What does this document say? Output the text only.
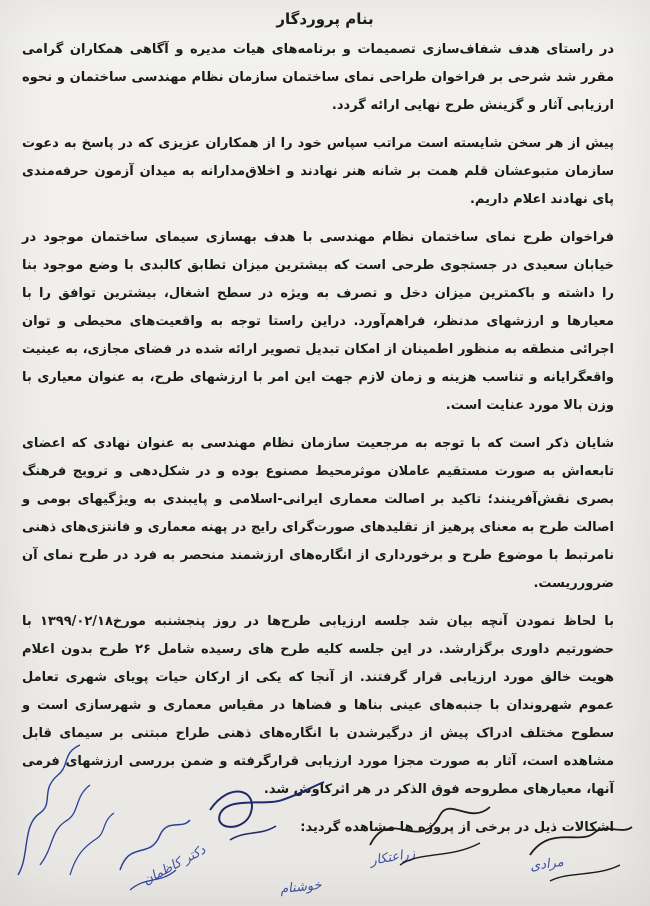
بنام پروردگار

در راستای هدف شفاف‌سازی تصمیمات و برنامه‌های هیات مدیره و آگاهی همکاران گرامی مقرر شد شرحی بر فراخوان طراحی نمای ساختمان سازمان نظام مهندسی ساختمان و نحوه ارزیابی آثار و گزینش طرح نهایی ارائه گردد.

پیش از هر سخن شایسته است مراتب سپاس خود را از همکاران عزیزی که در پاسخ به دعوت سازمان متبوعشان قلم همت بر شانه هنر نهادند و اخلاق‌مدارانه به میدان آزمون حرفه‌مندی پای نهادند اعلام داریم.

فراخوان طرح نمای ساختمان نظام مهندسی با هدف بهسازی سیمای ساختمان موجود در خیابان سعیدی در جستجوی طرحی است که بیشترین میزان تطابق کالبدی با وضع موجود بنا را داشته و باکمترین میزان دخل و تصرف به ویژه در سطح اشغال، بیشترین توافق را با معیارها و ارزشهای مدنظر، فراهم‌آورد. دراین راستا توجه به واقعیت‌های محیطی و توان اجرائی منطقه به منظور اطمینان از امکان تبدیل تصویر ارائه شده در فضای مجازی، به عینیت واقعگرایانه و تناسب هزینه و زمان لازم جهت این امر با ارزشهای طرح، به عنوان معیاری با وزن بالا مورد عنایت است.

شایان ذکر است که با توجه به مرجعیت سازمان نظام مهندسی به عنوان نهادی که اعضای تابعه‌اش به صورت مستقیم عاملان موثرمحیط مصنوع بوده و در شکل‌دهی و ترویج فرهنگ بصری نقش‌آفرینند؛ تاکید بر اصالت معماری ایرانی-اسلامی و پایبندی به ویژگیهای بومی و اصالت طرح به معنای پرهیز از تقلیدهای صورت‌گرای رایج در پهنه معماری و فانتزی‌های ذهنی نامرتبط با موضوع طرح و برخورداری از انگاره‌های ارزشمند منحصر به فرد در طرح نمای آن ضرورریست.

با لحاظ نمودن آنچه بیان شد جلسه ارزیابی طرح‌ها در روز پنجشنبه مورخ۱۳۹۹/۰۲/۱۸ با حضورتیم داوری برگزارشد. در این جلسه کلیه طرح های رسیده شامل ۲۶ طرح بدون اعلام هویت خالق مورد ارزیابی قرار گرفتند. از آنجا که یکی از ارکان حیات پویای شهری تعامل عموم شهروندان با جنبه‌های عینی بناها و فضاها در مقیاس معماری و شهرسازی است و سطوح مختلف ادراک پیش از درگیرشدن با انگاره‌های ذهنی طراح مبتنی بر سیمای قابل مشاهده است، آثار به صورت مجزا مورد ارزیابی قرارگرفته و ضمن بررسی ارزشهای فرمی آنها، معیارهای مطروحه فوق الذکر در هر اثرکاوش شد.

اشکالات ذیل در برخی از پروژه ها مشاهده گردید:

دکتر کاظمان	زراعتکار
خوشنام
مرادی
